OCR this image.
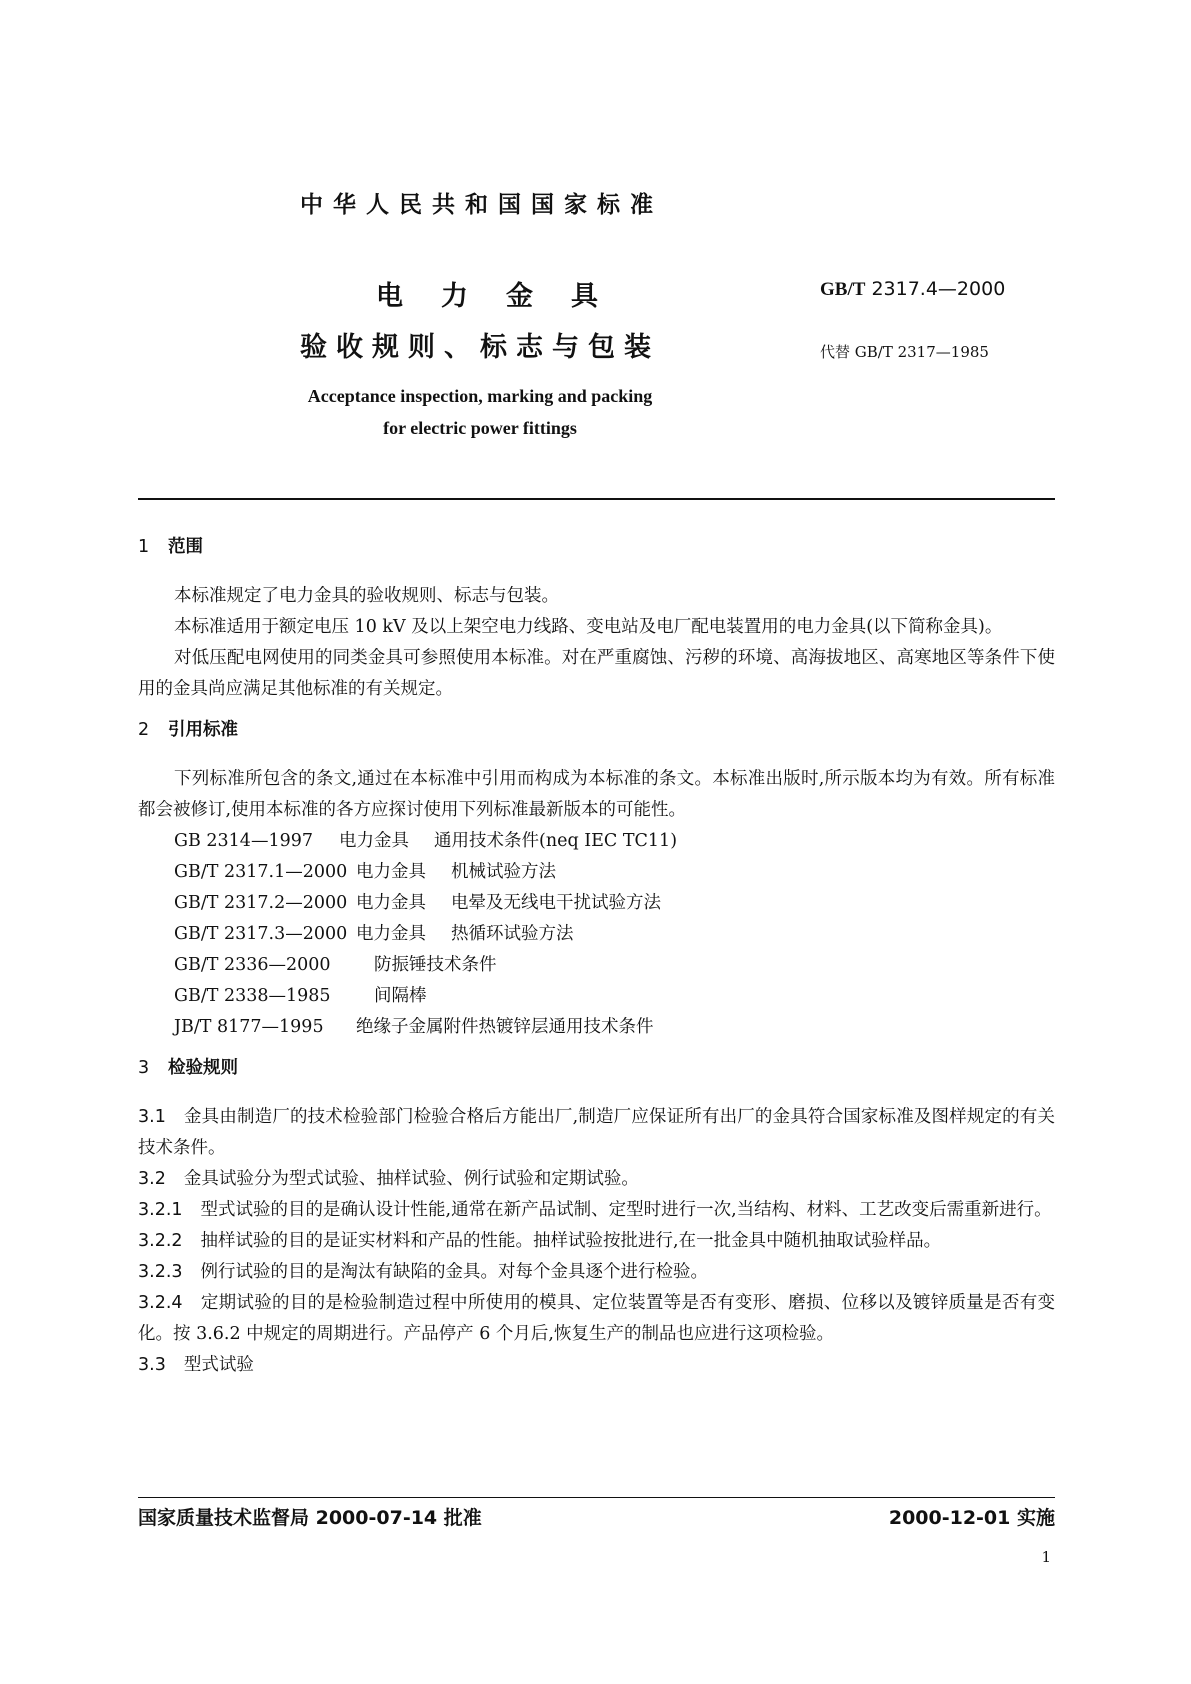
中华人民共和国国家标准
电力金具
验收规则、标志与包装
GB/T 2317.4—2000
代替 GB/T 2317—1985
Acceptance inspection, marking and packing
for electric power fittings
1 范围

本标准规定了电力金具的验收规则、标志与包装。

本标准适用于额定电压 10 kV 及以上架空电力线路、变电站及电厂配电装置用的电力金具(以下简称金具)。

对低压配电网使用的同类金具可参照使用本标准。对在严重腐蚀、污秽的环境、高海拔地区、高寒地区等条件下使用的金具尚应满足其他标准的有关规定。

2 引用标准

下列标准所包含的条文,通过在本标准中引用而构成为本标准的条文。本标准出版时,所示版本均为有效。所有标准都会被修订,使用本标准的各方应探讨使用下列标准最新版本的可能性。

GB 2314—1997 电力金具 通用技术条件(neq IEC TC11)

GB/T 2317.1—2000 电力金具 机械试验方法

GB/T 2317.2—2000 电力金具 电晕及无线电干扰试验方法

GB/T 2317.3—2000 电力金具 热循环试验方法

GB/T 2336—2000 防振锤技术条件

GB/T 2338—1985 间隔棒

JB/T 8177—1995 绝缘子金属附件热镀锌层通用技术条件

3 检验规则

3.1 金具由制造厂的技术检验部门检验合格后方能出厂,制造厂应保证所有出厂的金具符合国家标准及图样规定的有关技术条件。

3.2 金具试验分为型式试验、抽样试验、例行试验和定期试验。

3.2.1 型式试验的目的是确认设计性能,通常在新产品试制、定型时进行一次,当结构、材料、工艺改变后需重新进行。

3.2.2 抽样试验的目的是证实材料和产品的性能。抽样试验按批进行,在一批金具中随机抽取试验样品。

3.2.3 例行试验的目的是淘汰有缺陷的金具。对每个金具逐个进行检验。

3.2.4 定期试验的目的是检验制造过程中所使用的模具、定位装置等是否有变形、磨损、位移以及镀锌质量是否有变化。按 3.6.2 中规定的周期进行。产品停产 6 个月后,恢复生产的制品也应进行这项检验。

3.3 型式试验

国家质量技术监督局 2000-07-14 批准	2000-12-01 实施
1
